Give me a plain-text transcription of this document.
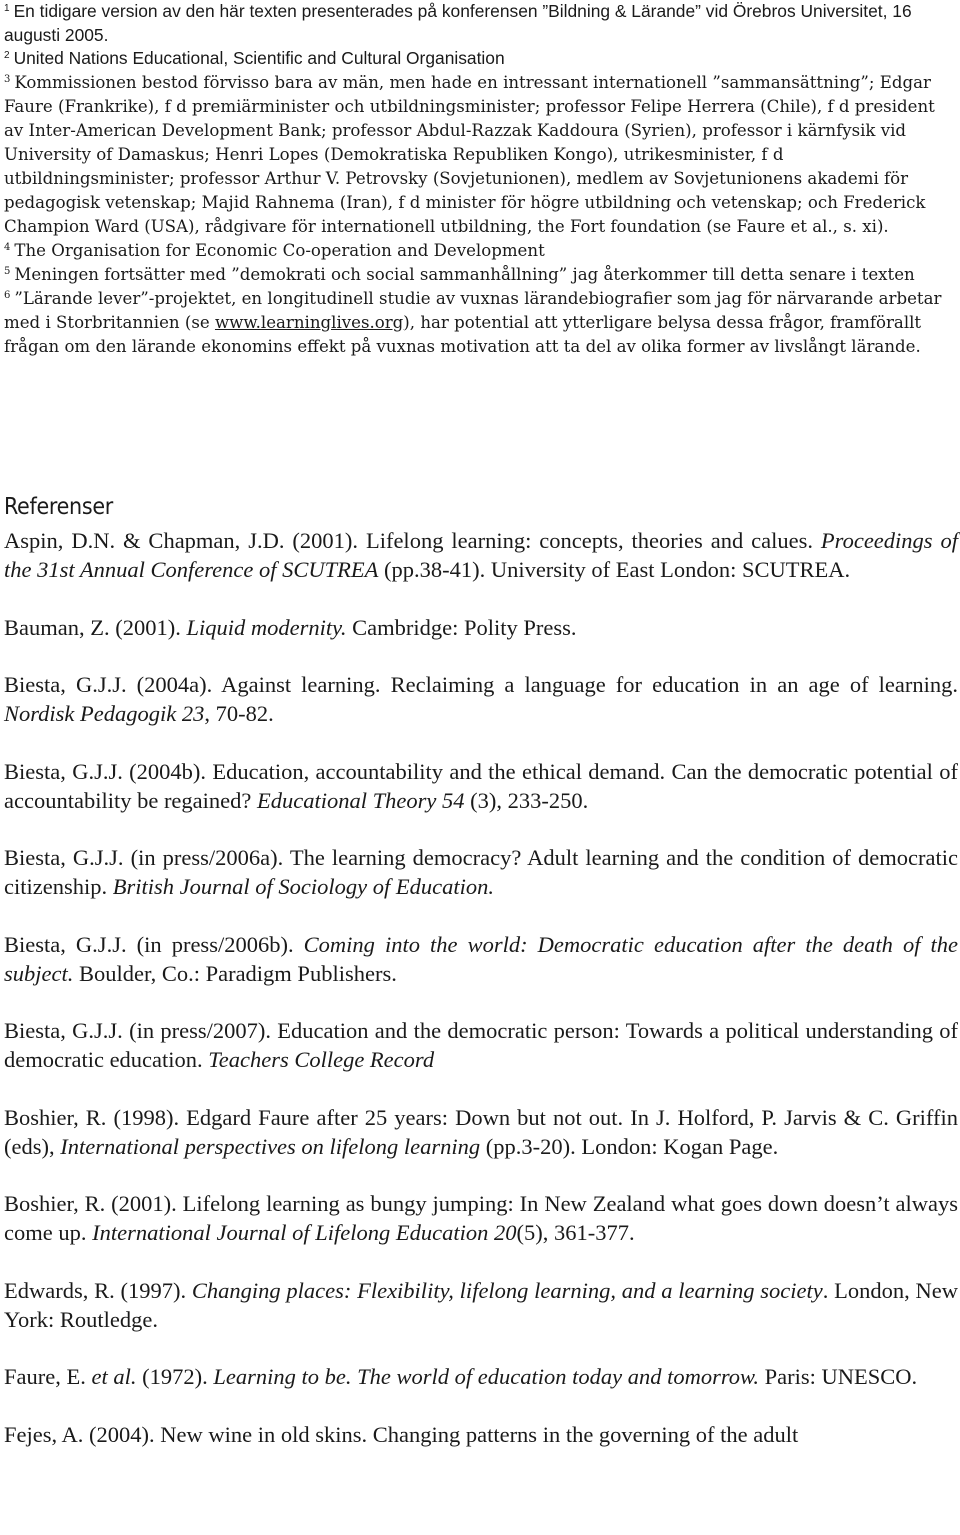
$^1$ En tidigare version av den här texten presenterades på konferensen ”Bildning & Lärande” vid Örebros Universitet, 16 augusti 2005.

$^2$ United Nations Educational, Scientific and Cultural Organisation

$^3$ Kommissionen bestod förvisso bara av män, men hade en intressant internationell ”sammansättning”; Edgar Faure (Frankrike), f d premiärminister och utbildningsminister; professor Felipe Herrera (Chile), f d president av Inter-American Development Bank; professor Abdul-Razzak Kaddoura (Syrien), professor i kärnfysik vid University of Damaskus; Henri Lopes (Demokratiska Republiken Kongo), utrikesminister, f d utbildningsminister; professor Arthur V. Petrovsky (Sovjetunionen), medlem av Sovjetunionens akademi för pedagogisk vetenskap; Majid Rahnema (Iran), f d minister för högre utbildning och vetenskap; och Frederick Champion Ward (USA), rådgivare för internationell utbildning, the Fort foundation (se Faure et al., s. xi).

$^4$ The Organisation for Economic Co-operation and Development

$^5$ Meningen fortsätter med ”demokrati och social sammanhållning” jag återkommer till detta senare i texten

$^6$ ”Lärande lever”-projektet, en longitudinell studie av vuxnas lärandebiografier som jag för närvarande arbetar med i Storbritannien (se www.learninglives.org), har potential att ytterligare belysa dessa frågor, framförallt frågan om den lärande ekonomins effekt på vuxnas motivation att ta del av olika former av livslångt lärande.

Referenser

Aspin, D.N. & Chapman, J.D. (2001). Lifelong learning: concepts, theories and calues. Proceedings of the 31st Annual Conference of SCUTREA (pp.38-41). University of East London: SCUTREA.

Bauman, Z. (2001). Liquid modernity. Cambridge: Polity Press.

Biesta, G.J.J. (2004a). Against learning. Reclaiming a language for education in an age of learning. Nordisk Pedagogik 23, 70-82.

Biesta, G.J.J. (2004b). Education, accountability and the ethical demand. Can the democratic potential of accountability be regained? Educational Theory 54 (3), 233-250.

Biesta, G.J.J. (in press/2006a). The learning democracy? Adult learning and the condition of democratic citizenship. British Journal of Sociology of Education.

Biesta, G.J.J. (in press/2006b). Coming into the world: Democratic education after the death of the subject. Boulder, Co.: Paradigm Publishers.

Biesta, G.J.J. (in press/2007). Education and the democratic person: Towards a political understanding of democratic education. Teachers College Record

Boshier, R. (1998). Edgard Faure after 25 years: Down but not out. In J. Holford, P. Jarvis & C. Griffin (eds), International perspectives on lifelong learning (pp.3-20). London: Kogan Page.

Boshier, R. (2001). Lifelong learning as bungy jumping: In New Zealand what goes down doesn’t always come up. International Journal of Lifelong Education 20(5), 361-377.

Edwards, R. (1997). Changing places: Flexibility, lifelong learning, and a learning society. London, New York: Routledge.

Faure, E. et al. (1972). Learning to be. The world of education today and tomorrow. Paris: UNESCO.

Fejes, A. (2004). New wine in old skins. Changing patterns in the governing of the adult
